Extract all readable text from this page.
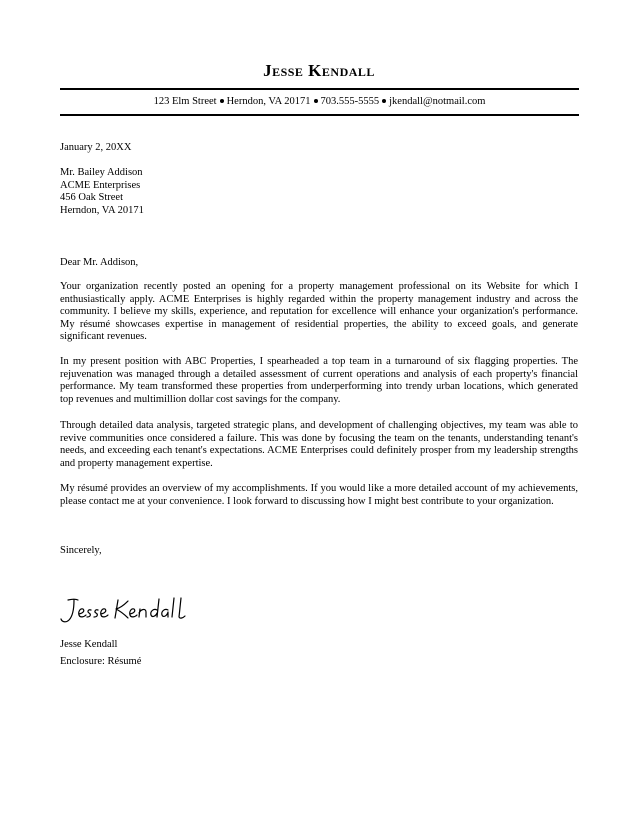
Jesse Kendall
123 Elm Street Herndon, VA 20171 703.555-5555 jkendall@notmail.com
January 2, 20XX
Mr. Bailey Addison
ACME Enterprises
456 Oak Street
Herndon, VA 20171
Dear Mr. Addison,

Your organization recently posted an opening for a property management professional on its Website for which I enthusiastically apply. ACME Enterprises is highly regarded within the property management industry and across the community. I believe my skills, experience, and reputation for excellence will enhance your organization's performance. My résumé showcases expertise in management of residential properties, the ability to exceed goals, and generate significant revenues.

In my present position with ABC Properties, I spearheaded a top team in a turnaround of six flagging properties. The rejuvenation was managed through a detailed assessment of current operations and analysis of each property's financial performance. My team transformed these properties from underperforming into trendy urban locations, which generated top revenues and multimillion dollar cost savings for the company.

Through detailed data analysis, targeted strategic plans, and development of challenging objectives, my team was able to revive communities once considered a failure. This was done by focusing the team on the tenants, understanding tenant's needs, and exceeding each tenant's expectations. ACME Enterprises could definitely prosper from my leadership strengths and property management expertise.

My résumé provides an overview of my accomplishments. If you would like a more detailed account of my achievements, please contact me at your convenience. I look forward to discussing how I might best contribute to your organization.

Sincerely,
Jesse Kendall
Enclosure: Résumé
